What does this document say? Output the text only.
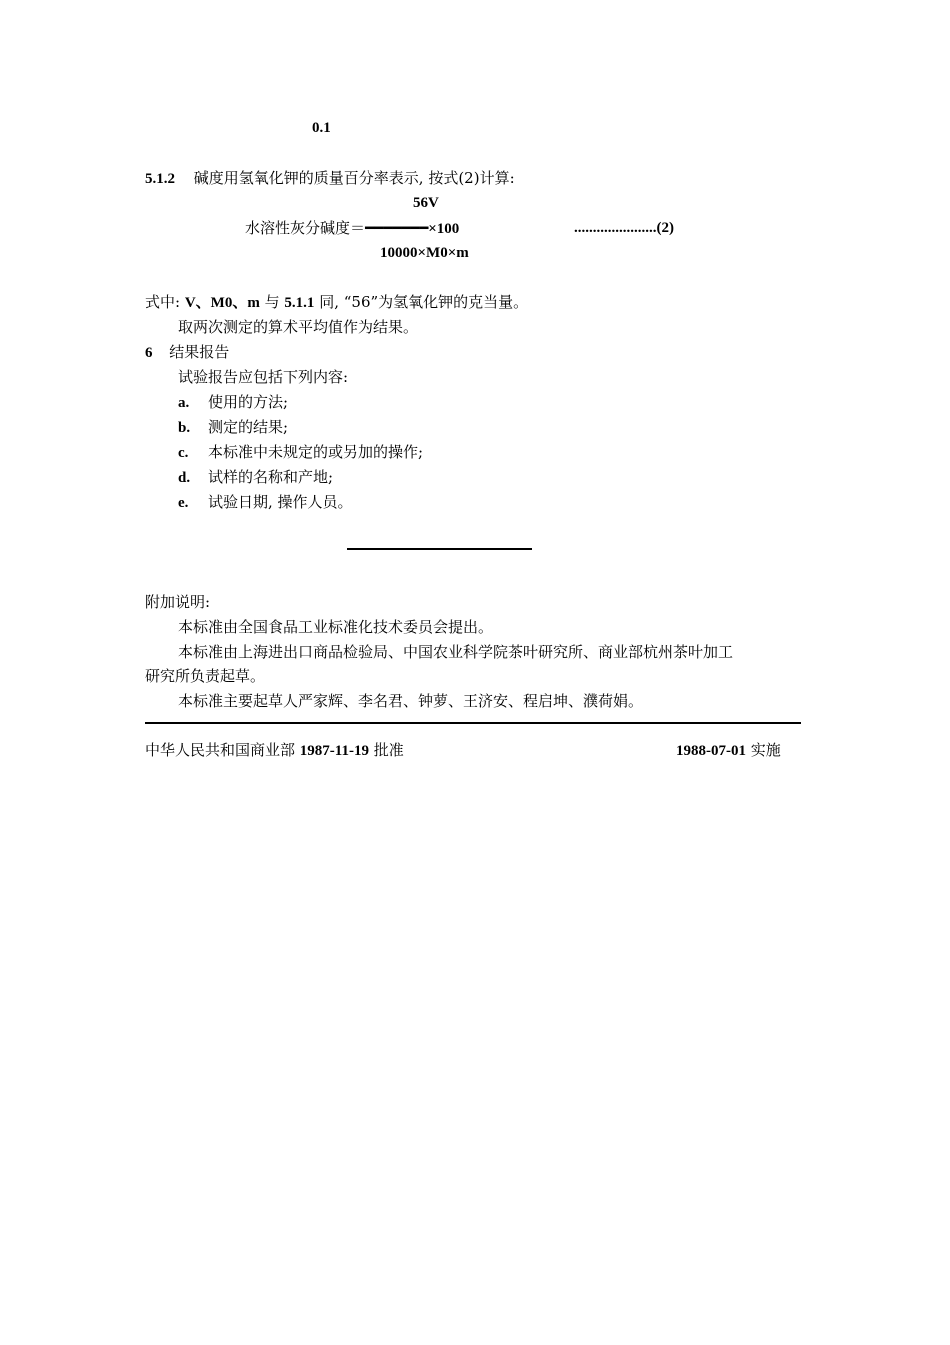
0.1
5.1.2 碱度用氢氧化钾的质量百分率表示, 按式(2)计算:
56V
水溶性灰分碱度＝━━━━━━━×100	......................(2)
10000×M0×m
式中: V、M0、m 与 5.1.1 同, “56”为氢氧化钾的克当量。
取两次测定的算术平均值作为结果。
6 结果报告
试验报告应包括下列内容:
a. 使用的方法;
b. 测定的结果;
c. 本标准中未规定的或另加的操作;
d. 试样的名称和产地;
e. 试验日期, 操作人员。
附加说明:
本标准由全国食品工业标准化技术委员会提出。
本标准由上海进出口商品检验局、中国农业科学院茶叶研究所、商业部杭州茶叶加工
研究所负责起草。
本标准主要起草人严家辉、李名君、钟萝、王济安、程启坤、濮荷娟。
中华人民共和国商业部 1987-11-19 批准	1988-07-01 实施
